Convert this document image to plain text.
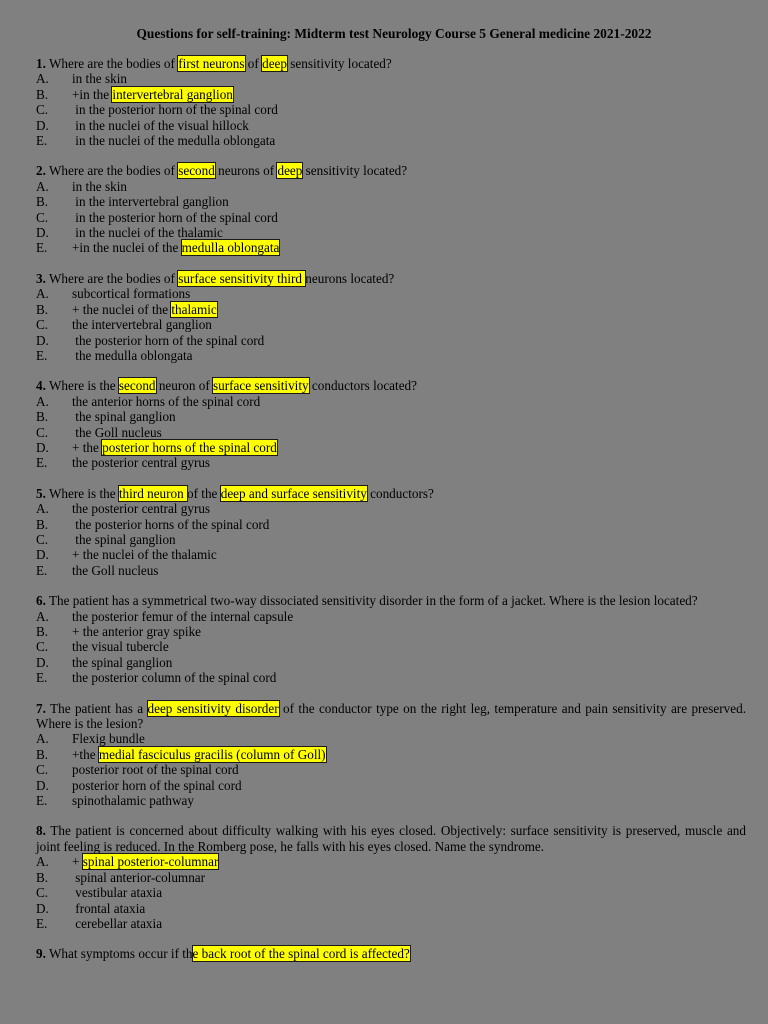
Questions for self-training: Midterm test Neurology Course 5 General medicine 2021-2022
1. Where are the bodies of first neurons of deep sensitivity located?
A.	in the skin
B.	+in the intervertebral ganglion
C.	in the posterior horn of the spinal cord
D.	in the nuclei of the visual hillock
E.	in the nuclei of the medulla oblongata
2. Where are the bodies of second neurons of deep sensitivity located?
A.	in the skin
B.	in the intervertebral ganglion
C.	in the posterior horn of the spinal cord
D.	in the nuclei of the thalamic
E.	+in the nuclei of the medulla oblongata
3. Where are the bodies of surface sensitivity third neurons located?
A.	subcortical formations
B.	+ the nuclei of the thalamic
C.	the intervertebral ganglion
D.	the posterior horn of the spinal cord
E.	the medulla oblongata
4. Where is the second neuron of surface sensitivity conductors located?
A.	the anterior horns of the spinal cord
B.	the spinal ganglion
C.	the Goll nucleus
D.	+ the posterior horns of the spinal cord
E.	the posterior central gyrus
5. Where is the third neuron of the deep and surface sensitivity conductors?
A.	the posterior central gyrus
B.	the posterior horns of the spinal cord
C.	the spinal ganglion
D.	+ the nuclei of the thalamic
E.	the Goll nucleus
6. The patient has a symmetrical two-way dissociated sensitivity disorder in the form of a jacket. Where is the lesion located?
A.	the posterior femur of the internal capsule
B.	+ the anterior gray spike
C.	the visual tubercle
D.	the spinal ganglion
E.	the posterior column of the spinal cord
7. The patient has a deep sensitivity disorder of the conductor type on the right leg, temperature and pain sensitivity are preserved. Where is the lesion?
A.	Flexig bundle
B.	+the medial fasciculus gracilis (column of Goll)
C.	posterior root of the spinal cord
D.	posterior horn of the spinal cord
E.	spinothalamic pathway
8. The patient is concerned about difficulty walking with his eyes closed. Objectively: surface sensitivity is preserved, muscle and joint feeling is reduced. In the Romberg pose, he falls with his eyes closed. Name the syndrome.
A.	+ spinal posterior-columnar
B.	spinal anterior-columnar
C.	vestibular ataxia
D.	frontal ataxia
E.	cerebellar ataxia
9. What symptoms occur if the back root of the spinal cord is affected?
